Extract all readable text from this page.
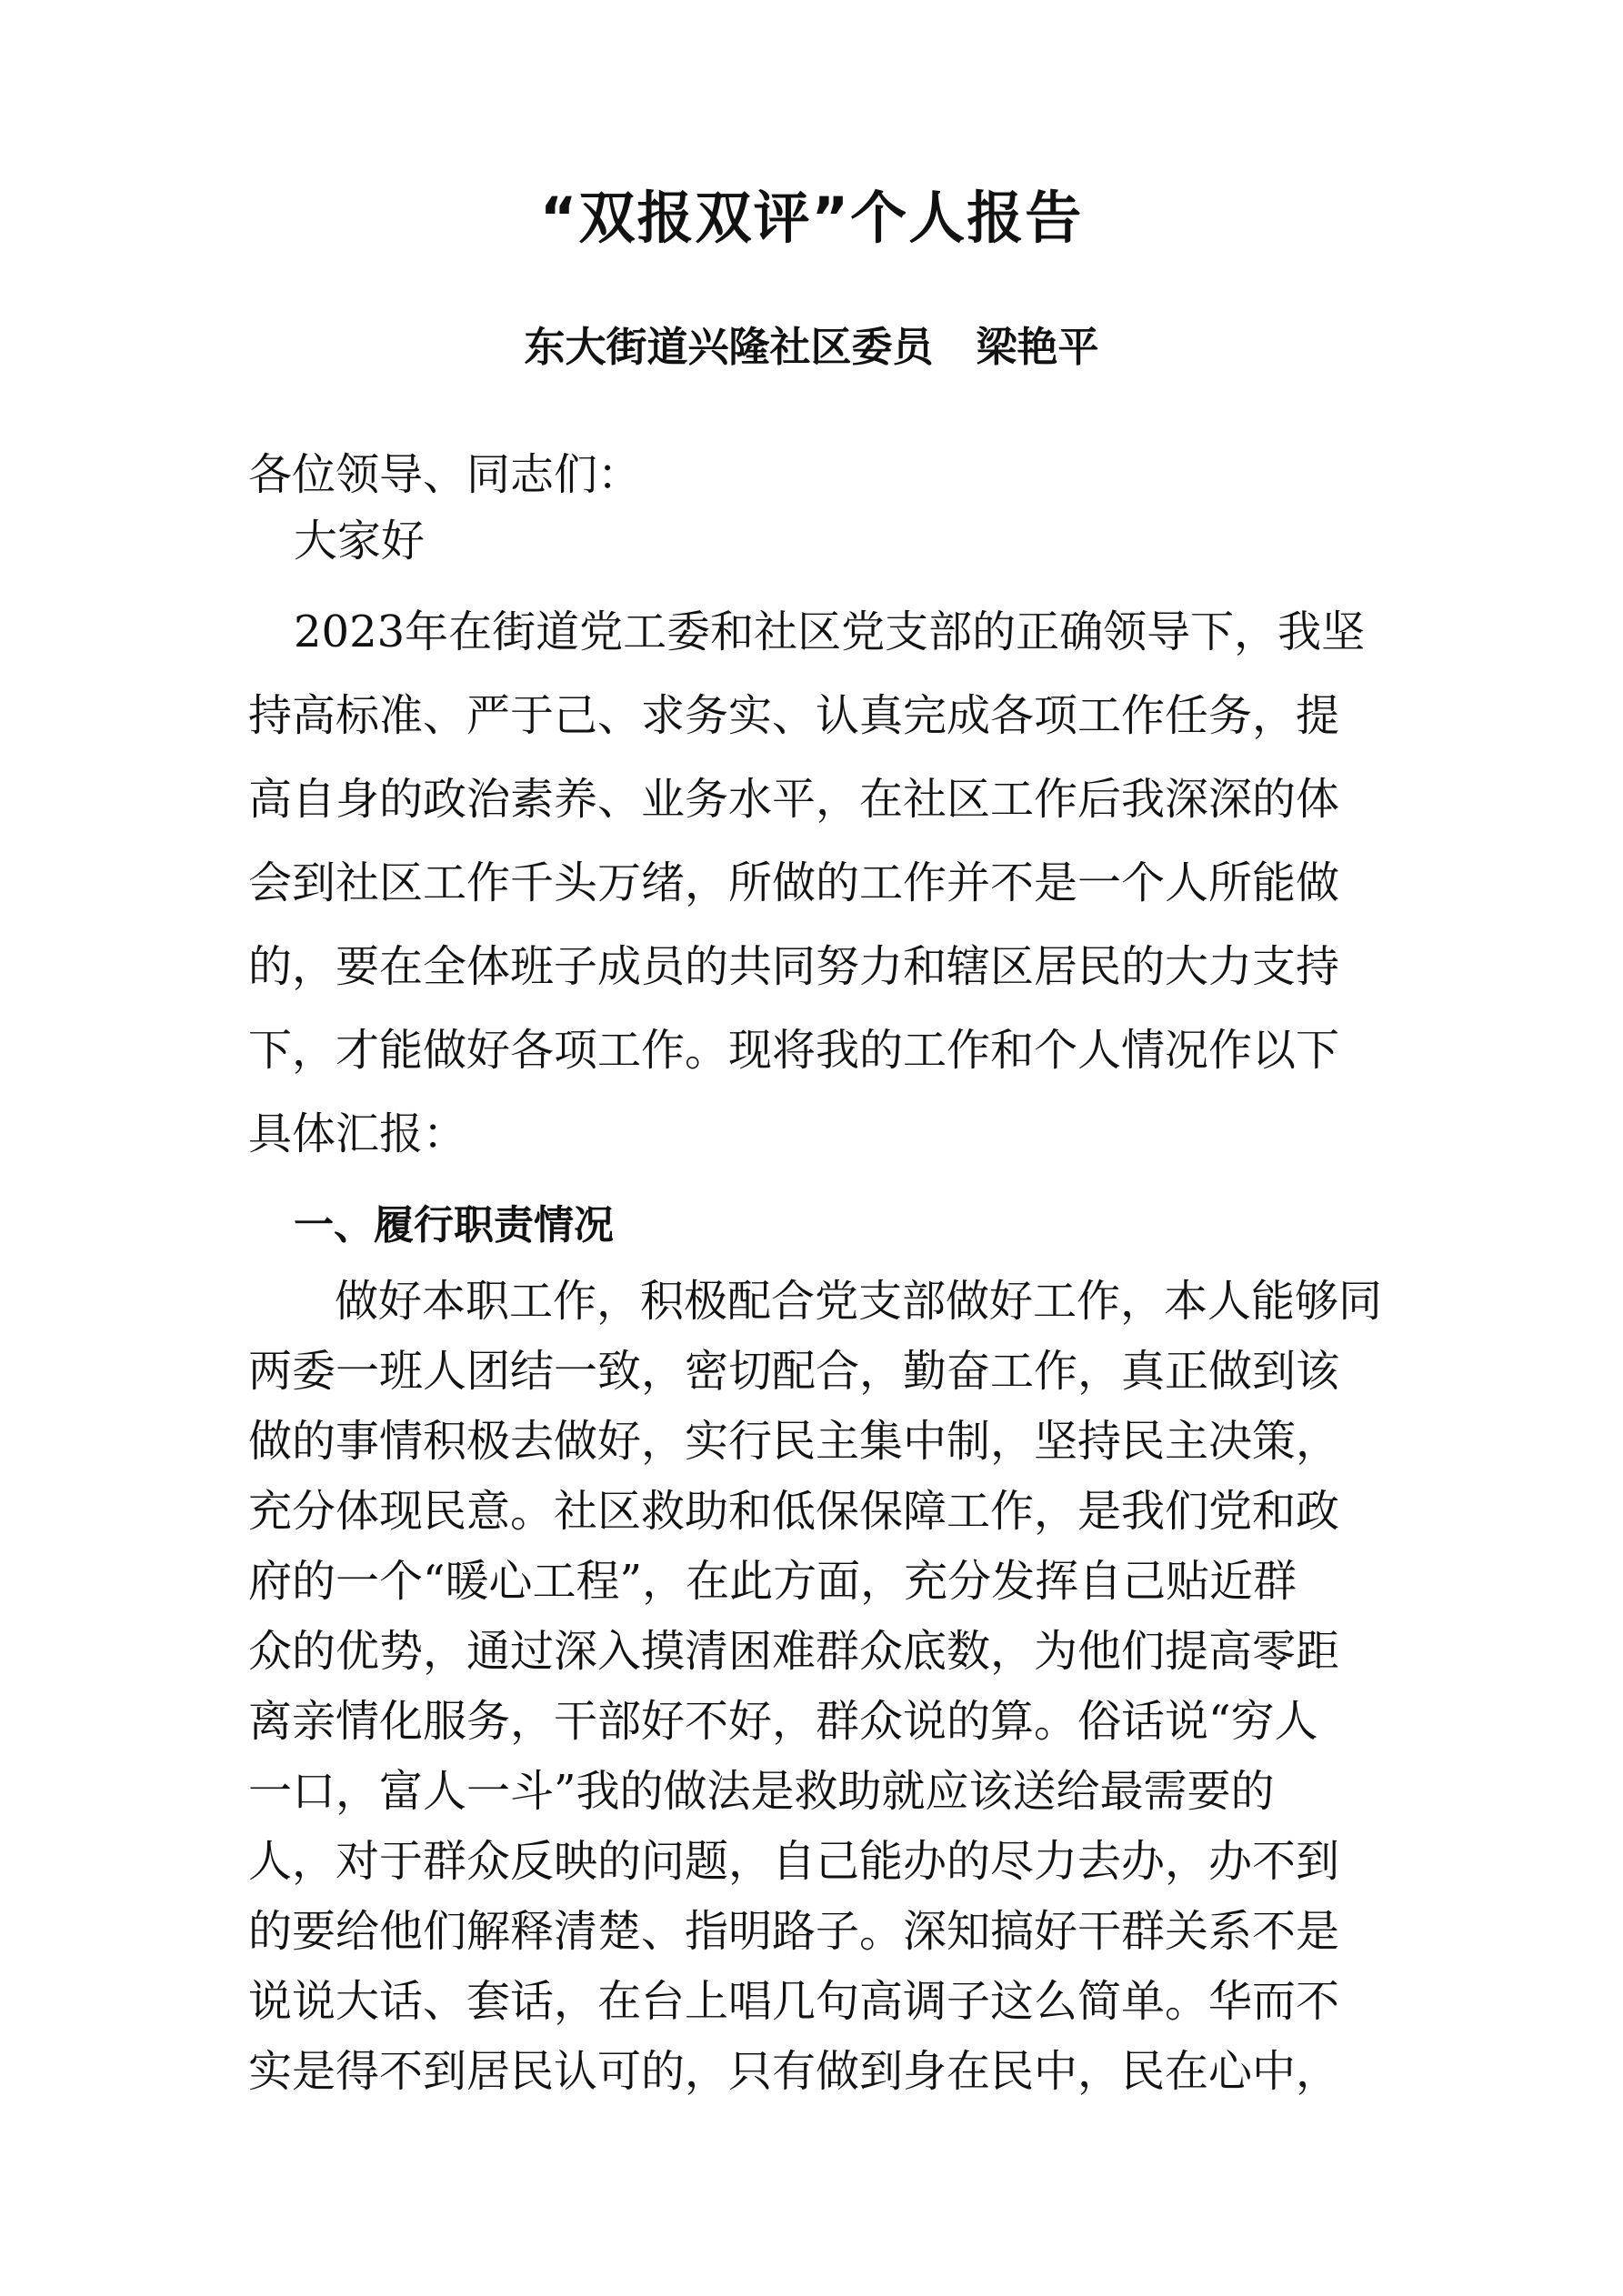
“双报双评”个人报告
东大街道兴隆社区委员   梁艳平
各位领导、同志们：
大家好
2023年在街道党工委和社区党支部的正确领导下，我坚
持高标准、严于己、求务实、认真完成各项工作任务，提
高自身的政治素养、业务水平，在社区工作后我深深的体
会到社区工作千头万绪，所做的工作并不是一个人所能做
的，要在全体班子成员的共同努力和辖区居民的大力支持
下，才能做好各项工作。现将我的工作和个人情况作以下
具体汇报：
一、履行职责情况
做好本职工作，积极配合党支部做好工作，本人能够同
两委一班人团结一致，密切配合，勤奋工作，真正做到该
做的事情积极去做好，实行民主集中制，坚持民主决策，
充分体现民意。社区救助和低保保障工作，是我们党和政
府的一个“暖心工程”，在此方面，充分发挥自己贴近群
众的优势，通过深入摸清困难群众底数，为他们提高零距
离亲情化服务，干部好不好，群众说的算。俗话说“穷人
一口，富人一斗”我的做法是救助就应该送给最需要的
人，对于群众反映的问题，自己能办的尽力去办，办不到
的要给他们解释清楚、指明路子。深知搞好干群关系不是
说说大话、套话，在台上唱几句高调子这么简单。华而不
实是得不到居民认可的，只有做到身在民中，民在心中，
